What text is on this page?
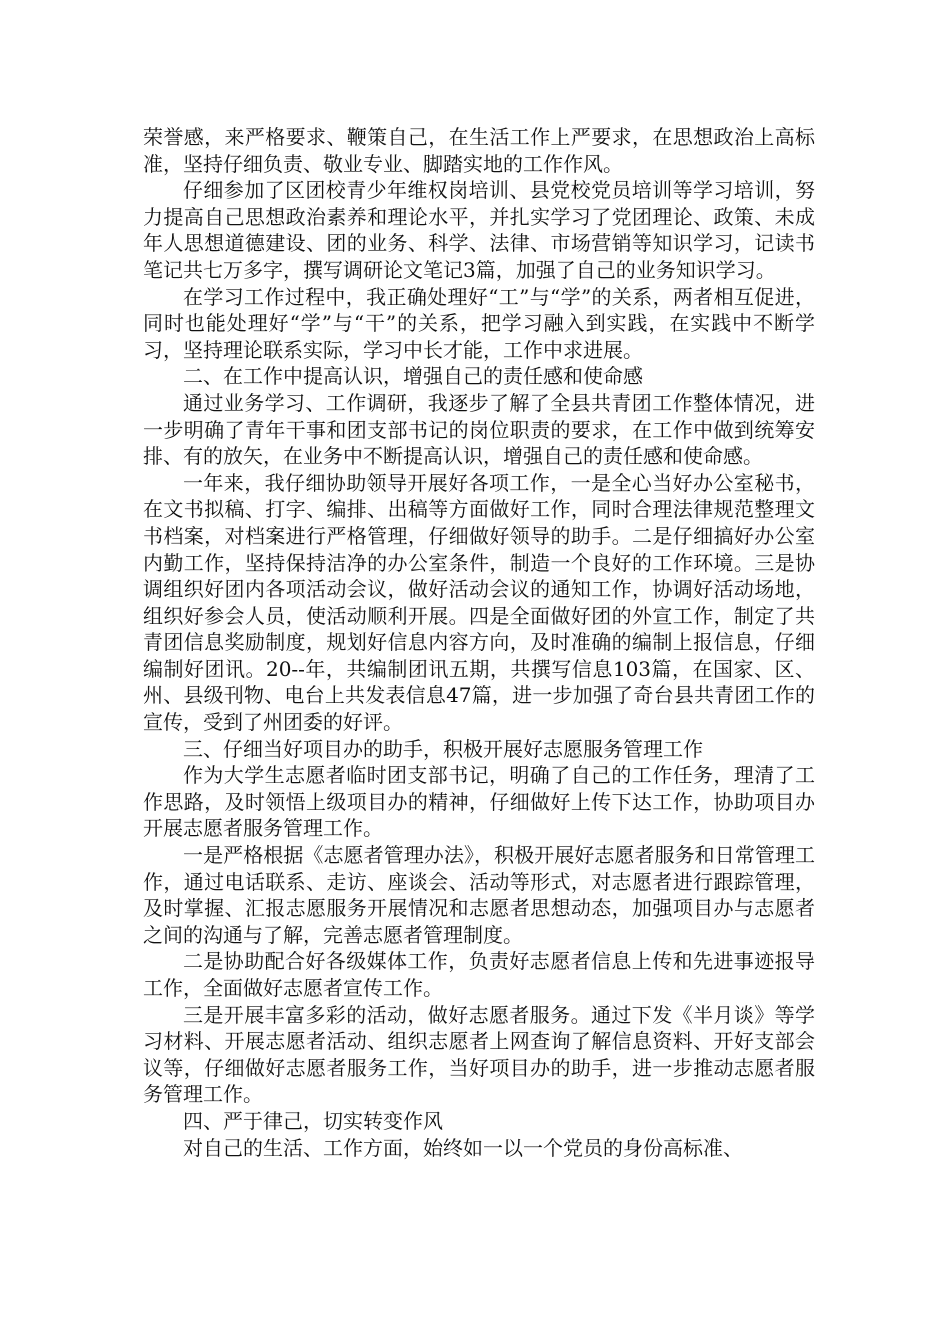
荣誉感，来严格要求、鞭策自己，在生活工作上严要求，在思想政治上高标准，坚持仔细负责、敬业专业、脚踏实地的工作作风。

仔细参加了区团校青少年维权岗培训、县党校党员培训等学习培训，努力提高自己思想政治素养和理论水平，并扎实学习了党团理论、政策、未成年人思想道德建设、团的业务、科学、法律、市场营销等知识学习，记读书笔记共七万多字，撰写调研论文笔记3篇，加强了自己的业务知识学习。

在学习工作过程中，我正确处理好“工”与“学”的关系，两者相互促进，同时也能处理好“学”与“干”的关系，把学习融入到实践，在实践中不断学习，坚持理论联系实际，学习中长才能，工作中求进展。

二、在工作中提高认识，增强自己的责任感和使命感

通过业务学习、工作调研，我逐步了解了全县共青团工作整体情况，进一步明确了青年干事和团支部书记的岗位职责的要求，在工作中做到统筹安排、有的放矢，在业务中不断提高认识，增强自己的责任感和使命感。

一年来，我仔细协助领导开展好各项工作，一是全心当好办公室秘书，在文书拟稿、打字、编排、出稿等方面做好工作，同时合理法律规范整理文书档案，对档案进行严格管理，仔细做好领导的助手。二是仔细搞好办公室内勤工作，坚持保持洁净的办公室条件，制造一个良好的工作环境。三是协调组织好团内各项活动会议，做好活动会议的通知工作，协调好活动场地，组织好参会人员，使活动顺利开展。四是全面做好团的外宣工作，制定了共青团信息奖励制度，规划好信息内容方向，及时准确的编制上报信息，仔细编制好团讯。20--年，共编制团讯五期，共撰写信息103篇，在国家、区、州、县级刊物、电台上共发表信息47篇，进一步加强了奇台县共青团工作的宣传，受到了州团委的好评。

三、仔细当好项目办的助手，积极开展好志愿服务管理工作

作为大学生志愿者临时团支部书记，明确了自己的工作任务，理清了工作思路，及时领悟上级项目办的精神，仔细做好上传下达工作，协助项目办开展志愿者服务管理工作。

一是严格根据《志愿者管理办法》，积极开展好志愿者服务和日常管理工作，通过电话联系、走访、座谈会、活动等形式，对志愿者进行跟踪管理，及时掌握、汇报志愿服务开展情况和志愿者思想动态，加强项目办与志愿者之间的沟通与了解，完善志愿者管理制度。

二是协助配合好各级媒体工作，负责好志愿者信息上传和先进事迹报导工作，全面做好志愿者宣传工作。

三是开展丰富多彩的活动，做好志愿者服务。通过下发《半月谈》等学习材料、开展志愿者活动、组织志愿者上网查询了解信息资料、开好支部会议等，仔细做好志愿者服务工作，当好项目办的助手，进一步推动志愿者服务管理工作。

四、严于律己，切实转变作风

对自己的生活、工作方面，始终如一以一个党员的身份高标准、
